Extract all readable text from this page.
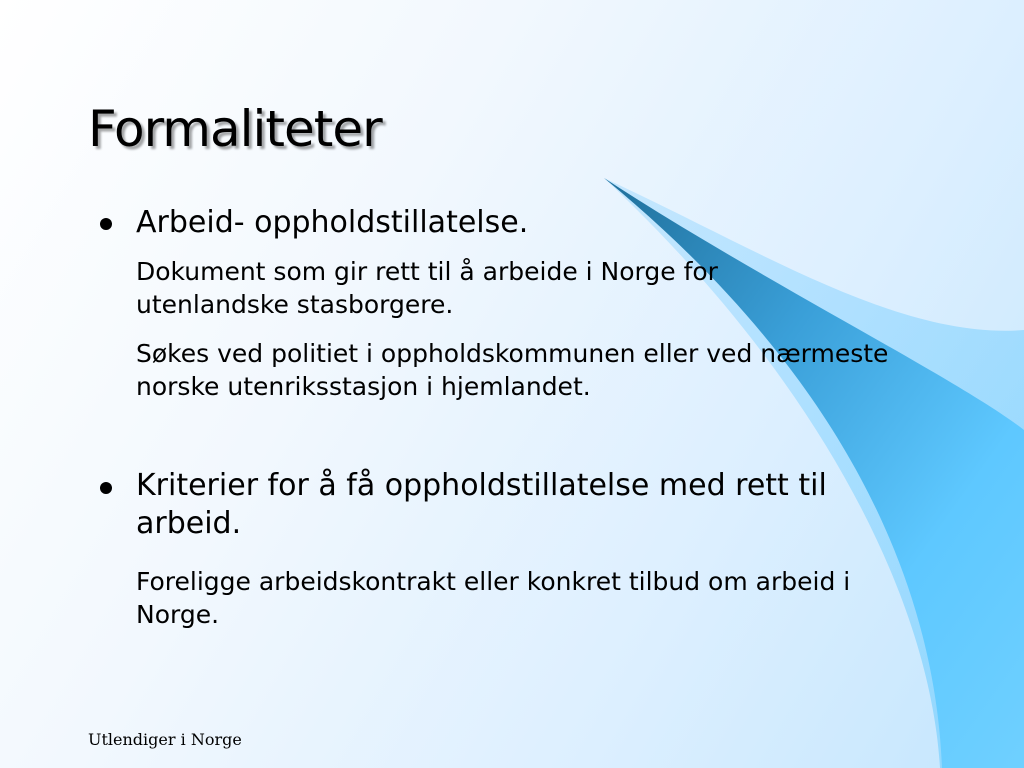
Formaliteter
Arbeid- oppholdstillatelse.
Dokument som gir rett til å arbeide i Norge for utenlandske stasborgere.
Søkes ved politiet i oppholdskommunen eller ved nærmeste norske utenriksstasjon i hjemlandet.
Kriterier for å få oppholdstillatelse med rett til arbeid.
Foreligge arbeidskontrakt eller konkret tilbud om arbeid i Norge.
Utlendiger i Norge
